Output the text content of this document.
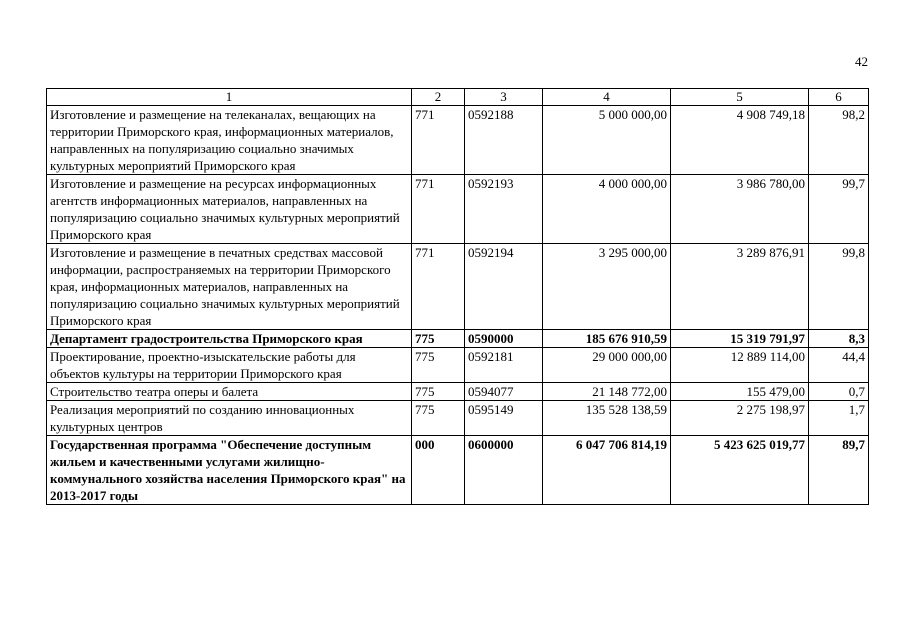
42
1	2	3	4	5	6
Изготовление и размещение на телеканалах, вещающих на территории Приморского края, информационных материалов, направленных на популяризацию социально значимых культурных мероприятий Приморского края	771	0592188	5 000 000,00	4 908 749,18	98,2
Изготовление и размещение на ресурсах информационных агентств информационных материалов, направленных на популяризацию социально значимых культурных мероприятий Приморского края	771	0592193	4 000 000,00	3 986 780,00	99,7
Изготовление и размещение в печатных средствах массовой информации, распространяемых на территории Приморского края, информационных материалов, направленных на популяризацию социально значимых культурных мероприятий Приморского края	771	0592194	3 295 000,00	3 289 876,91	99,8
Департамент градостроительства Приморского края	775	0590000	185 676 910,59	15 319 791,97	8,3
Проектирование, проектно-изыскательские работы для объектов культуры на территории Приморского края	775	0592181	29 000 000,00	12 889 114,00	44,4
Строительство театра оперы и балета	775	0594077	21 148 772,00	155 479,00	0,7
Реализация мероприятий по созданию инновационных культурных центров	775	0595149	135 528 138,59	2 275 198,97	1,7
Государственная программа "Обеспечение доступным жильем и качественными услугами жилищно-коммунального хозяйства населения Приморского края" на 2013-2017 годы	000	0600000	6 047 706 814,19	5 423 625 019,77	89,7
